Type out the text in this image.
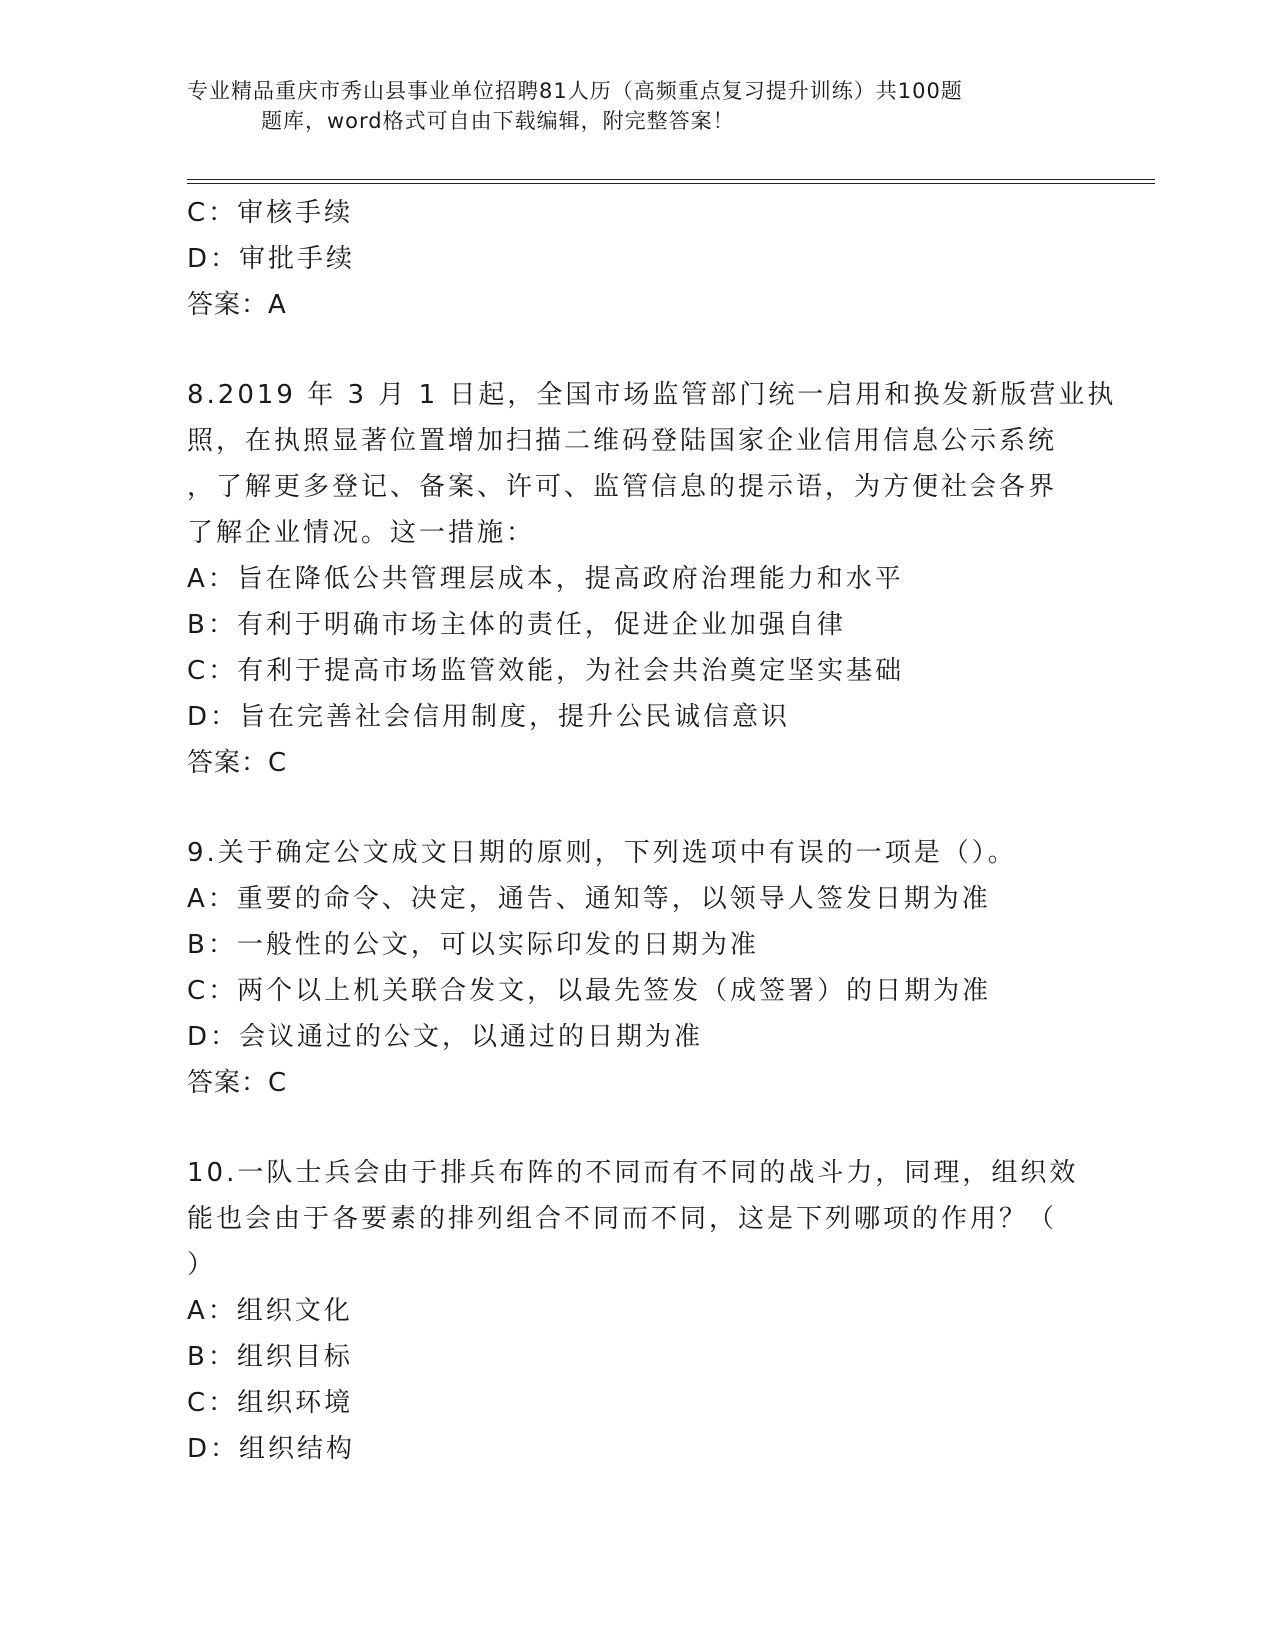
专业精品重庆市秀山县事业单位招聘81人历（高频重点复习提升训练）共100题
题库，word格式可自由下载编辑，附完整答案！
C：审核手续
D：审批手续
答案：A
8.2019 年 3 月 1 日起，全国市场监管部门统一启用和换发新版营业执
照，在执照显著位置增加扫描二维码登陆国家企业信用信息公示系统
，了解更多登记、备案、许可、监管信息的提示语，为方便社会各界
了解企业情况。这一措施：
A：旨在降低公共管理层成本，提高政府治理能力和水平
B：有利于明确市场主体的责任，促进企业加强自律
C：有利于提高市场监管效能，为社会共治奠定坚实基础
D：旨在完善社会信用制度，提升公民诚信意识
答案：C
9.关于确定公文成文日期的原则，下列选项中有误的一项是（）。
A：重要的命令、决定，通告、通知等，以领导人签发日期为准
B：一般性的公文，可以实际印发的日期为准
C：两个以上机关联合发文，以最先签发（成签署）的日期为准
D：会议通过的公文，以通过的日期为准
答案：C
10.一队士兵会由于排兵布阵的不同而有不同的战斗力，同理，组织效
能也会由于各要素的排列组合不同而不同，这是下列哪项的作用？（
）
A：组织文化
B：组织目标
C：组织环境
D：组织结构
